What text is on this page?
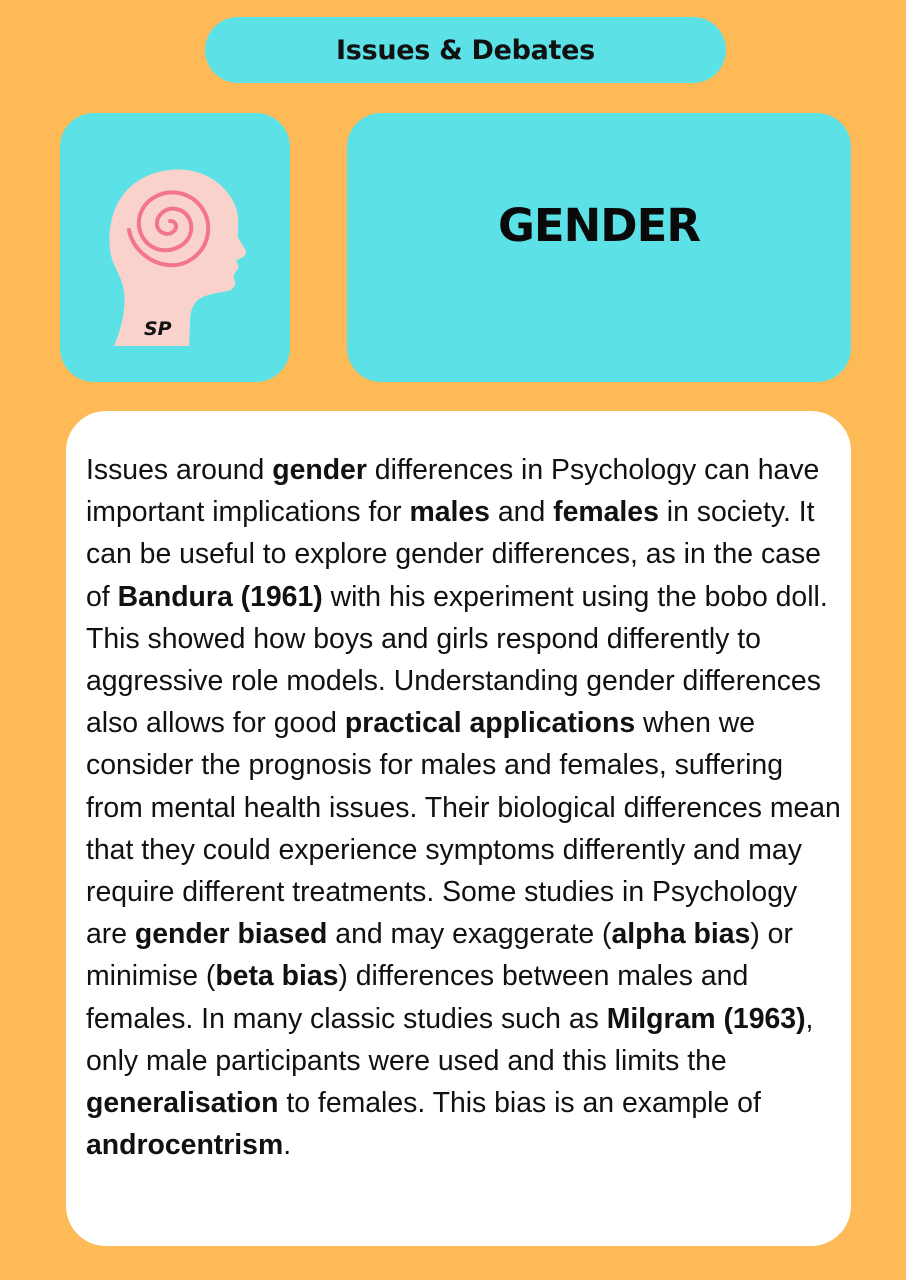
Issues & Debates
SP
GENDER

Issues around gender differences in Psychology can have important implications for males and females in society. It can be useful to explore gender differences, as in the case of Bandura (1961) with his experiment using the bobo doll. This showed how boys and girls respond differently to aggressive role models. Understanding gender differences also allows for good practical applications when we consider the prognosis for males and females, suffering from mental health issues. Their biological differences mean that they could experience symptoms differently and may require different treatments. Some studies in Psychology are gender biased and may exaggerate (alpha bias) or minimise (beta bias) differences between males and females. In many classic studies such as Milgram (1963), only male participants were used and this limits the generalisation to females. This bias is an example of androcentrism.
